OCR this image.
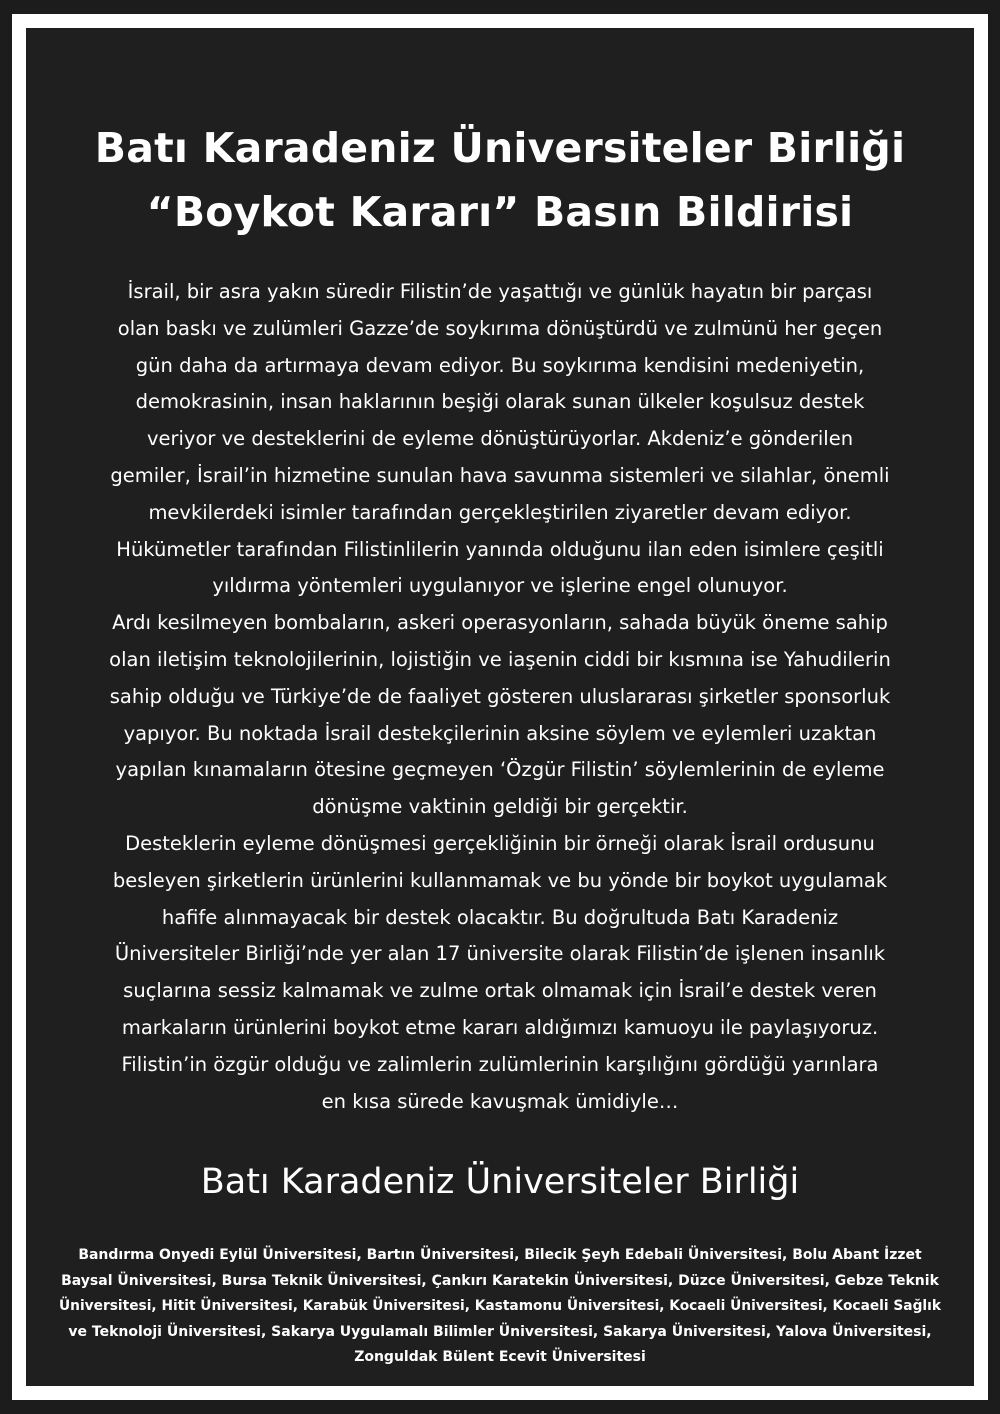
Batı Karadeniz Üniversiteler Birliği
“Boykot Kararı” Basın Bildirisi
İsrail, bir asra yakın süredir Filistin’de yaşattığı ve günlük hayatın bir parçası
olan baskı ve zulümleri Gazze’de soykırıma dönüştürdü ve zulmünü her geçen
gün daha da artırmaya devam ediyor. Bu soykırıma kendisini medeniyetin,
demokrasinin, insan haklarının beşiği olarak sunan ülkeler koşulsuz destek
veriyor ve desteklerini de eyleme dönüştürüyorlar. Akdeniz’e gönderilen
gemiler, İsrail’in hizmetine sunulan hava savunma sistemleri ve silahlar, önemli
mevkilerdeki isimler tarafından gerçekleştirilen ziyaretler devam ediyor.
Hükümetler tarafından Filistinlilerin yanında olduğunu ilan eden isimlere çeşitli
yıldırma yöntemleri uygulanıyor ve işlerine engel olunuyor.
Ardı kesilmeyen bombaların, askeri operasyonların, sahada büyük öneme sahip
olan iletişim teknolojilerinin, lojistiğin ve iaşenin ciddi bir kısmına ise Yahudilerin
sahip olduğu ve Türkiye’de de faaliyet gösteren uluslararası şirketler sponsorluk
yapıyor. Bu noktada İsrail destekçilerinin aksine söylem ve eylemleri uzaktan
yapılan kınamaların ötesine geçmeyen ‘Özgür Filistin’ söylemlerinin de eyleme
dönüşme vaktinin geldiği bir gerçektir.
Desteklerin eyleme dönüşmesi gerçekliğinin bir örneği olarak İsrail ordusunu
besleyen şirketlerin ürünlerini kullanmamak ve bu yönde bir boykot uygulamak
hafife alınmayacak bir destek olacaktır. Bu doğrultuda Batı Karadeniz
Üniversiteler Birliği’nde yer alan 17 üniversite olarak Filistin’de işlenen insanlık
suçlarına sessiz kalmamak ve zulme ortak olmamak için İsrail’e destek veren
markaların ürünlerini boykot etme kararı aldığımızı kamuoyu ile paylaşıyoruz.
Filistin’in özgür olduğu ve zalimlerin zulümlerinin karşılığını gördüğü yarınlara
en kısa sürede kavuşmak ümidiyle…
Batı Karadeniz Üniversiteler Birliği
Bandırma Onyedi Eylül Üniversitesi, Bartın Üniversitesi, Bilecik Şeyh Edebali Üniversitesi, Bolu Abant İzzet
Baysal Üniversitesi, Bursa Teknik Üniversitesi, Çankırı Karatekin Üniversitesi, Düzce Üniversitesi, Gebze Teknik
Üniversitesi, Hitit Üniversitesi, Karabük Üniversitesi, Kastamonu Üniversitesi, Kocaeli Üniversitesi, Kocaeli Sağlık
ve Teknoloji Üniversitesi, Sakarya Uygulamalı Bilimler Üniversitesi, Sakarya Üniversitesi, Yalova Üniversitesi,
Zonguldak Bülent Ecevit Üniversitesi
